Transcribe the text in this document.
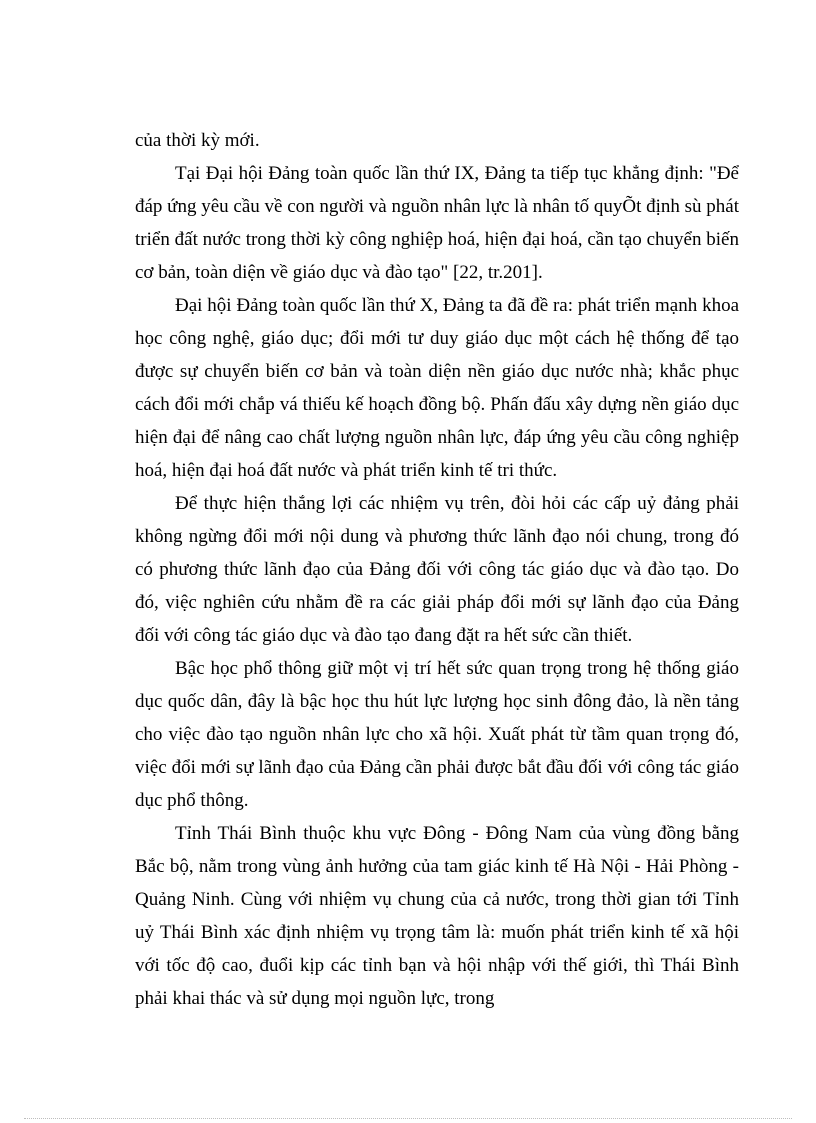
của thời kỳ mới.

Tại Đại hội Đảng toàn quốc lần thứ IX, Đảng ta tiếp tục khẳng định: "Để đáp ứng yêu cầu về con người và nguồn nhân lực là nhân tố quyÕt định sù phát triển đất nước trong thời kỳ công nghiệp hoá, hiện đại hoá, cần tạo chuyển biến cơ bản, toàn diện về giáo dục và đào tạo" [22, tr.201].

Đại hội Đảng toàn quốc lần thứ X, Đảng ta đã đề ra: phát triển mạnh khoa học công nghệ, giáo dục; đổi mới tư duy giáo dục một cách hệ thống để tạo được sự chuyển biến cơ bản và toàn diện nền giáo dục nước nhà; khắc phục cách đổi mới chắp vá thiếu kế hoạch đồng bộ. Phấn đấu xây dựng nền giáo dục hiện đại để nâng cao chất lượng nguồn nhân lực, đáp ứng yêu cầu công nghiệp hoá, hiện đại hoá đất nước và phát triển kinh tế tri thức.

Để thực hiện thắng lợi các nhiệm vụ trên, đòi hỏi các cấp uỷ đảng phải không ngừng đổi mới nội dung và phương thức lãnh đạo nói chung, trong đó có phương thức lãnh đạo của Đảng đối với công tác giáo dục và đào tạo. Do đó, việc nghiên cứu nhằm đề ra các giải pháp đổi mới sự lãnh đạo của Đảng đối với công tác giáo dục và đào tạo đang đặt ra hết sức cần thiết.

Bậc học phổ thông giữ một vị trí hết sức quan trọng trong hệ thống giáo dục quốc dân, đây là bậc học thu hút lực lượng học sinh đông đảo, là nền tảng cho việc đào tạo nguồn nhân lực cho xã hội. Xuất phát từ tầm quan trọng đó, việc đổi mới sự lãnh đạo của Đảng cần phải được bắt đầu đối với công tác giáo dục phổ thông.

Tỉnh Thái Bình thuộc khu vực Đông - Đông Nam của vùng đồng bằng Bắc bộ, nằm trong vùng ảnh hưởng của tam giác kinh tế Hà Nội - Hải Phòng - Quảng Ninh. Cùng với nhiệm vụ chung của cả nước, trong thời gian tới Tỉnh uỷ Thái Bình xác định nhiệm vụ trọng tâm là: muốn phát triển kinh tế xã hội với tốc độ cao, đuổi kịp các tỉnh bạn và hội nhập với thế giới, thì Thái Bình phải khai thác và sử dụng mọi nguồn lực, trong
